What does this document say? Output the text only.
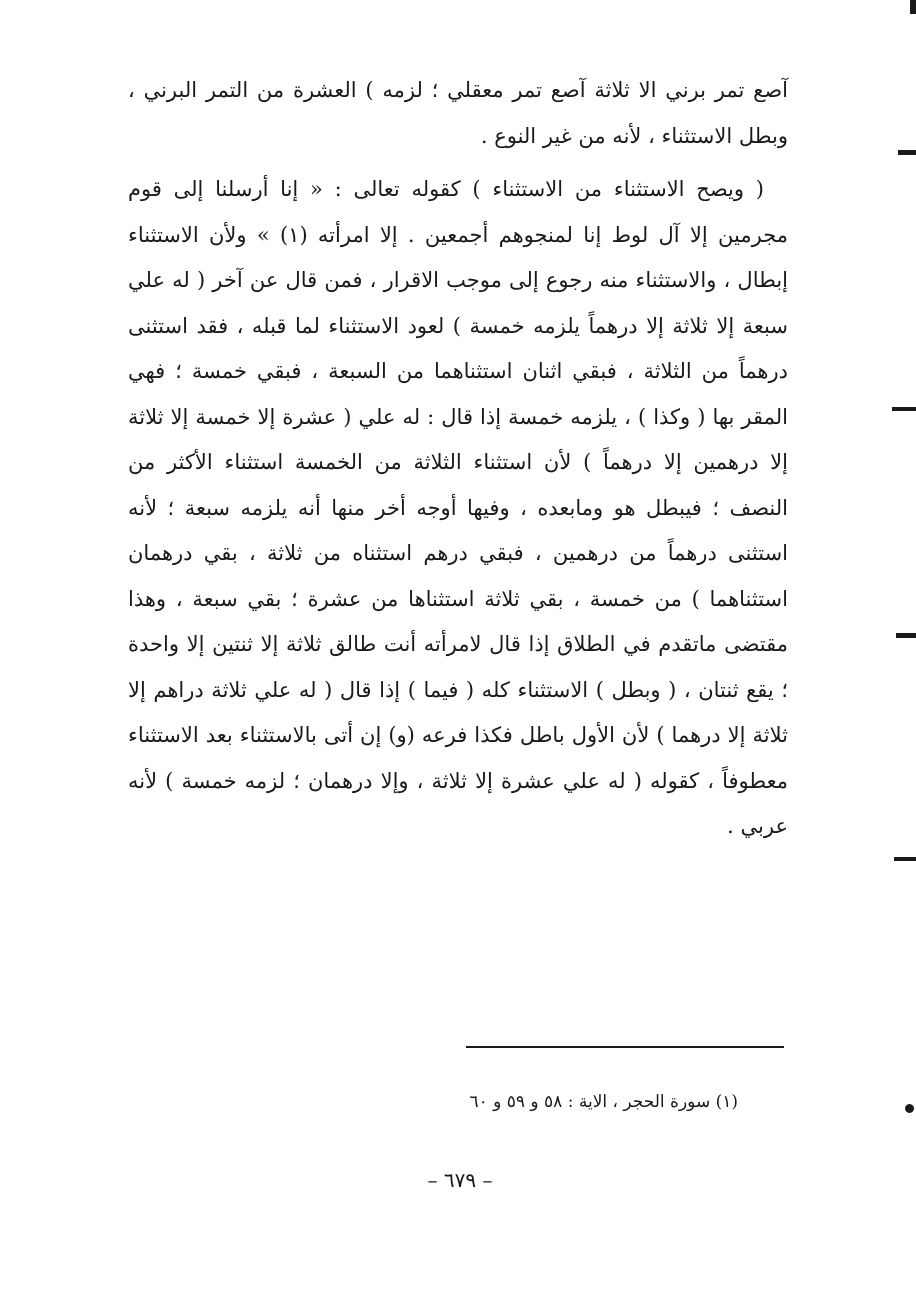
آصع تمر برني الا ثلاثة آصع تمر معقلي ؛ لزمه ) العشرة من التمر البرني ، وبطل الاستثناء ، لأنه من غير النوع .

( ويصح الاستثناء من الاستثناء ) كقوله تعالى : « إنا أرسلنا إلى قوم مجرمين إلا آل لوط إنا لمنجوهم أجمعين . إلا امرأته (١) » ولأن الاستثناء إبطال ، والاستثناء منه رجوع إلى موجب الاقرار ، فمن قال عن آخر ( له علي سبعة إلا ثلاثة إلا درهماً يلزمه خمسة ) لعود الاستثناء لما قبله ، فقد استثنى درهماً من الثلاثة ، فبقي اثنان استثناهما من السبعة ، فبقي خمسة ؛ فهي المقر بها ( وكذا ) ، يلزمه خمسة إذا قال : له علي ( عشرة إلا خمسة إلا ثلاثة إلا درهمين إلا درهماً ) لأن استثناء الثلاثة من الخمسة استثناء الأكثر من النصف ؛ فيبطل هو ومابعده ، وفيها أوجه أخر منها أنه يلزمه سبعة ؛ لأنه استثنى درهماً من درهمين ، فبقي درهم استثناه من ثلاثة ، بقي درهمان استثناهما ) من خمسة ، بقي ثلاثة استثناها من عشرة ؛ بقي سبعة ، وهذا مقتضى ماتقدم في الطلاق إذا قال لامرأته أنت طالق ثلاثة إلا ثنتين إلا واحدة ؛ يقع ثنتان ، ( وبطل ) الاستثناء كله ( فيما ) إذا قال ( له علي ثلاثة دراهم إلا ثلاثة إلا درهما ) لأن الأول باطل فكذا فرعه (و) إن أتى بالاستثناء بعد الاستثناء معطوفاً ، كقوله ( له علي عشرة إلا ثلاثة ، وإلا درهمان ؛ لزمه خمسة ) لأنه عربي .

(١) سورة الحجر ، الاية : ٥٨ و ٥٩ و ٦٠
– ٦٧٩ –
